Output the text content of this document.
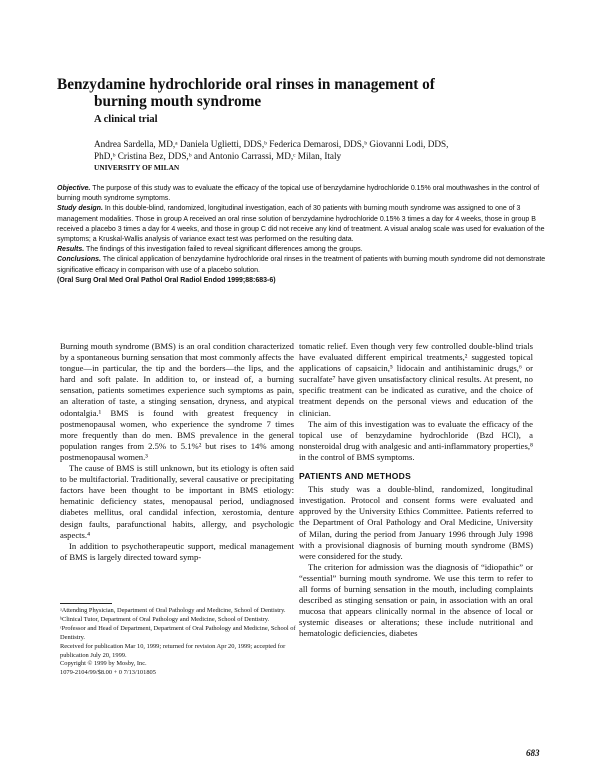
Benzydamine hydrochloride oral rinses in management of
burning mouth syndrome
A clinical trial
Andrea Sardella, MD,ᵃ Daniela Uglietti, DDS,ᵇ Federica Demarosi, DDS,ᵇ Giovanni Lodi, DDS,
PhD,ᵇ Cristina Bez, DDS,ᵇ and Antonio Carrassi, MD,ᶜ Milan, Italy
UNIVERSITY OF MILAN
Objective. The purpose of this study was to evaluate the efficacy of the topical use of benzydamine hydrochloride 0.15% oral mouthwashes in the control of burning mouth syndrome symptoms.
Study design. In this double-blind, randomized, longitudinal investigation, each of 30 patients with burning mouth syndrome was assigned to one of 3 management modalities. Those in group A received an oral rinse solution of benzydamine hydrochloride 0.15% 3 times a day for 4 weeks, those in group B received a placebo 3 times a day for 4 weeks, and those in group C did not receive any kind of treatment. A visual analog scale was used for evaluation of the symptoms; a Kruskal-Wallis analysis of variance exact test was performed on the resulting data.
Results. The findings of this investigation failed to reveal significant differences among the groups.
Conclusions. The clinical application of benzydamine hydrochloride oral rinses in the treatment of patients with burning mouth syndrome did not demonstrate significative efficacy in comparison with use of a placebo solution.
(Oral Surg Oral Med Oral Pathol Oral Radiol Endod 1999;88:683-6)

Burning mouth syndrome (BMS) is an oral condition characterized by a spontaneous burning sensation that most commonly affects the tongue—in particular, the tip and the borders—the lips, and the hard and soft palate. In addition to, or instead of, a burning sensation, patients sometimes experience such symptoms as pain, an alteration of taste, a stinging sensation, dryness, and atypical odontalgia.¹ BMS is found with greatest frequency in postmenopausal women, who experience the syndrome 7 times more frequently than do men. BMS prevalence in the general population ranges from 2.5% to 5.1%² but rises to 14% among postmenopausal women.³

The cause of BMS is still unknown, but its etiology is often said to be multifactorial. Traditionally, several causative or precipitating factors have been thought to be important in BMS etiology: hematinic deficiency states, menopausal period, undiagnosed diabetes mellitus, oral candidal infection, xerostomia, denture design faults, parafunctional habits, allergy, and psychologic aspects.⁴

In addition to psychotherapeutic support, medical management of BMS is largely directed toward symp-

tomatic relief. Even though very few controlled double-blind trials have evaluated different empirical treatments,² suggested topical applications of capsaicin,⁵ lidocain and antihistaminic drugs,⁶ or sucralfate⁷ have given unsatisfactory clinical results. At present, no specific treatment can be indicated as curative, and the choice of treatment depends on the personal views and education of the clinician.

The aim of this investigation was to evaluate the efficacy of the topical use of benzydamine hydrochloride (Bzd HCl), a nonsteroidal drug with analgesic and anti-inflammatory properties,⁸ in the control of BMS symptoms.

PATIENTS AND METHODS

This study was a double-blind, randomized, longitudinal investigation. Protocol and consent forms were evaluated and approved by the University Ethics Committee. Patients referred to the Department of Oral Pathology and Oral Medicine, University of Milan, during the period from January 1996 through July 1998 with a provisional diagnosis of burning mouth syndrome (BMS) were considered for the study.

The criterion for admission was the diagnosis of “idiopathic” or “essential” burning mouth syndrome. We use this term to refer to all forms of burning sensation in the mouth, including complaints described as stinging sensation or pain, in association with an oral mucosa that appears clinically normal in the absence of local or systemic diseases or alterations; these include nutritional and hematologic deficiencies, diabetes

ᵃAttending Physician, Department of Oral Pathology and Medicine, School of Dentistry.
ᵇClinical Tutor, Department of Oral Pathology and Medicine, School of Dentistry.
ᶜProfessor and Head of Department, Department of Oral Pathology and Medicine, School of Dentistry.
Received for publication Mar 10, 1999; returned for revision Apr 20, 1999; accepted for publication July 20, 1999.
Copyright © 1999 by Mosby, Inc.
1079-2104/99/$8.00 + 0 7/13/101805
683
